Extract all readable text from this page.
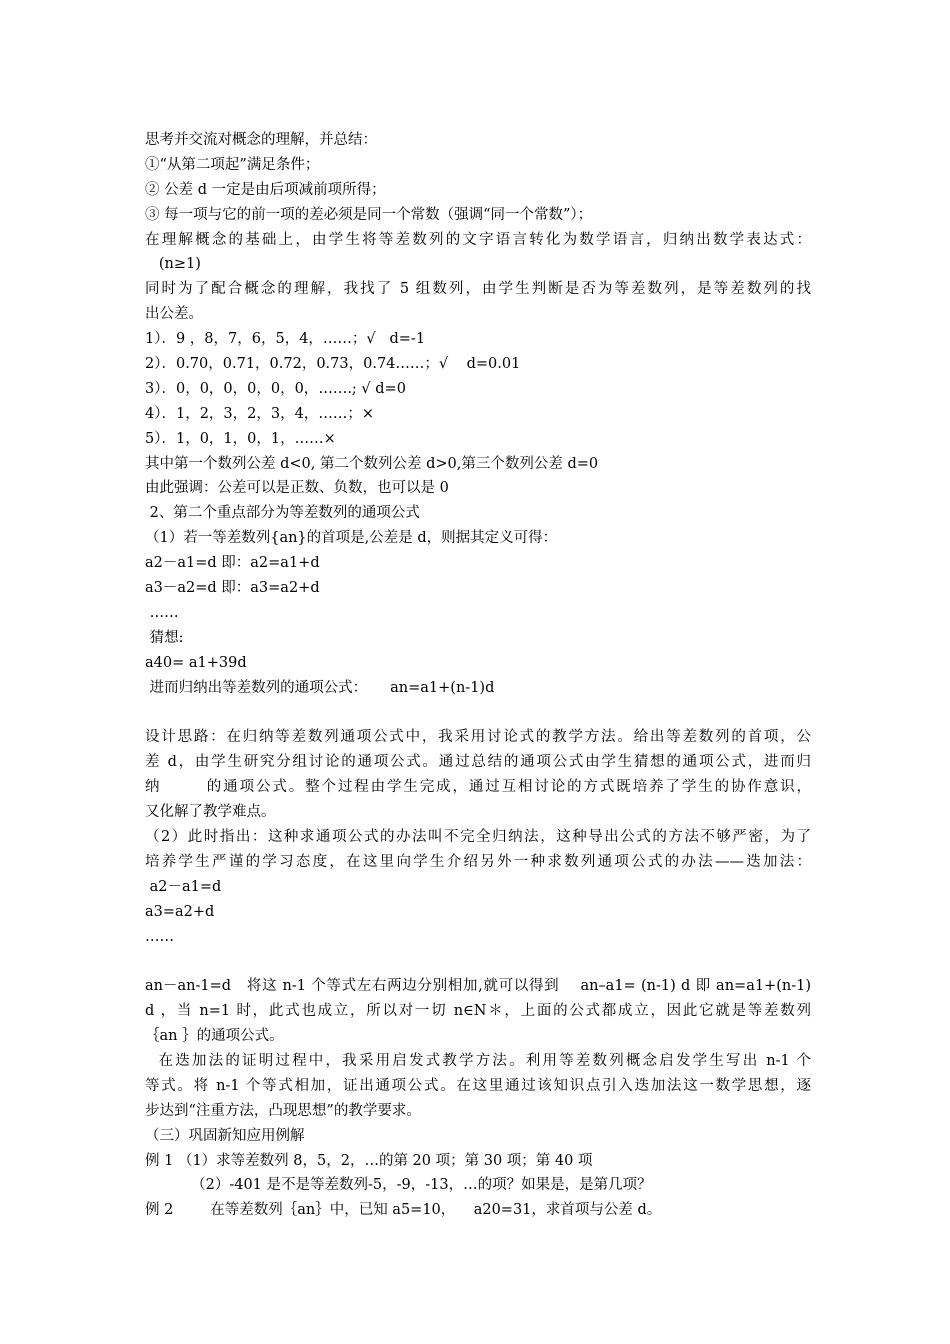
思考并交流对概念的理解，并总结：
①“从第二项起”满足条件；
② 公差 d 一定是由后项减前项所得；
③ 每一项与它的前一项的差必须是同一个常数（强调“同一个常数”）；
在理解概念的基础上，由学生将等差数列的文字语言转化为数学语言，归纳出数学表达式：
(n≥1)
同时为了配合概念的理解，我找了 5 组数列，由学生判断是否为等差数列，是等差数列的找
出公差。
1）．9 ，8，7，6，5，4，……；√   d=-1
2）．0.70，0.71，0.72，0.73，0.74……；√    d=0.01
3）．0，0，0，0，0，0，…….; √ d=0
4）．1，2，3，2，3，4，……；×
5）．1，0，1，0，1，……×
其中第一个数列公差 d<0, 第二个数列公差 d>0,第三个数列公差 d=0
由此强调：公差可以是正数、负数，也可以是 0
2、第二个重点部分为等差数列的通项公式
（1）若一等差数列{an}的首项是,公差是 d，则据其定义可得：
a2－a1=d 即：a2=a1+d
a3－a2=d 即：a3=a2+d
……
猜想:
a40= a1+39d
进而归纳出等差数列的通项公式：     an=a1+(n-1)d
设计思路：在归纳等差数列通项公式中，我采用讨论式的教学方法。给出等差数列的首项，公
差 d，由学生研究分组讨论的通项公式。通过总结的通项公式由学生猜想的通项公式，进而归
纳       的通项公式。整个过程由学生完成，通过互相讨论的方式既培养了学生的协作意识，
又化解了教学难点。
（2）此时指出：这种求通项公式的办法叫不完全归纳法，这种导出公式的方法不够严密，为了
培养学生严谨的学习态度，在这里向学生介绍另外一种求数列通项公式的办法——迭加法：
a2－a1=d
a3=a2+d
……
an－an-1=d   将这 n-1 个等式左右两边分别相加,就可以得到    an–a1= (n-1) d 即 an=a1+(n-1)
d ，当 n=1 时，此式也成立，所以对一切 n∈N＊，上面的公式都成立，因此它就是等差数列
｛an ｝的通项公式。
在迭加法的证明过程中，我采用启发式教学方法。利用等差数列概念启发学生写出 n-1 个
等式。将 n-1 个等式相加，证出通项公式。在这里通过该知识点引入迭加法这一数学思想，逐
步达到“注重方法，凸现思想”的教学要求。
（三）巩固新知应用例解
例 1 （1）求等差数列 8，5，2，…的第 20 项；第 30 项；第 40 项
（2）-401 是不是等差数列-5，-9，-13，…的项？如果是，是第几项？
例 2        在等差数列｛an｝中，已知 a5=10，    a20=31，求首项与公差 d。
